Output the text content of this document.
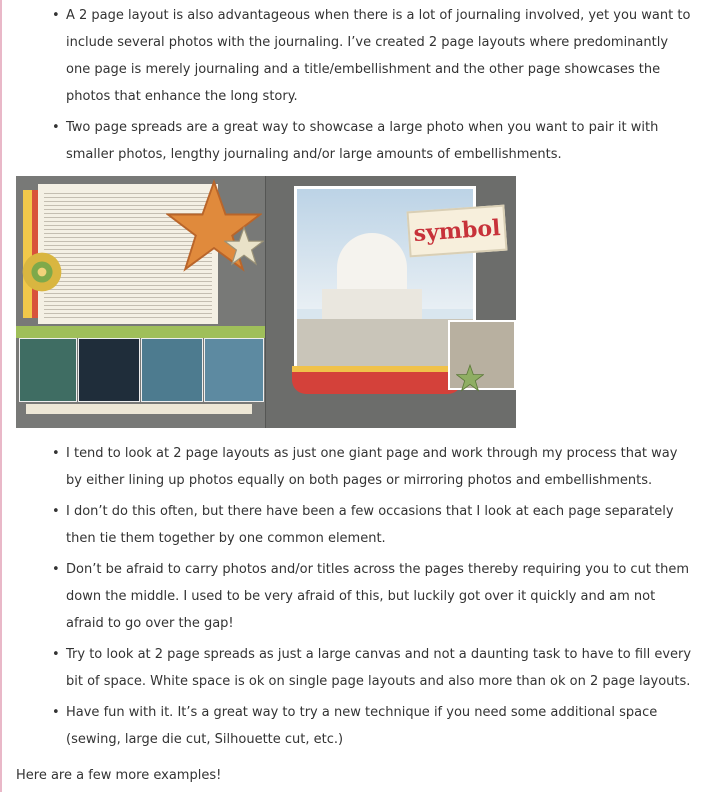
• A 2 page layout is also advantageous when there is a lot of journaling involved, yet you want to include several photos with the journaling. I’ve created 2 page layouts where predominantly one page is merely journaling and a title/embellishment and the other page showcases the photos that enhance the long story.
• Two page spreads are a great way to showcase a large photo when you want to pair it with smaller photos, lengthy journaling and/or large amounts of embellishments.
symbol
• I tend to look at 2 page layouts as just one giant page and work through my process that way by either lining up photos equally on both pages or mirroring photos and embellishments.
• I don’t do this often, but there have been a few occasions that I look at each page separately then tie them together by one common element.
• Don’t be afraid to carry photos and/or titles across the pages thereby requiring you to cut them down the middle. I used to be very afraid of this, but luckily got over it quickly and am not afraid to go over the gap!
• Try to look at 2 page spreads as just a large canvas and not a daunting task to have to fill every bit of space. White space is ok on single page layouts and also more than ok on 2 page layouts.
• Have fun with it. It’s a great way to try a new technique if you need some additional space (sewing, large die cut, Silhouette cut, etc.)
Here are a few more examples!
